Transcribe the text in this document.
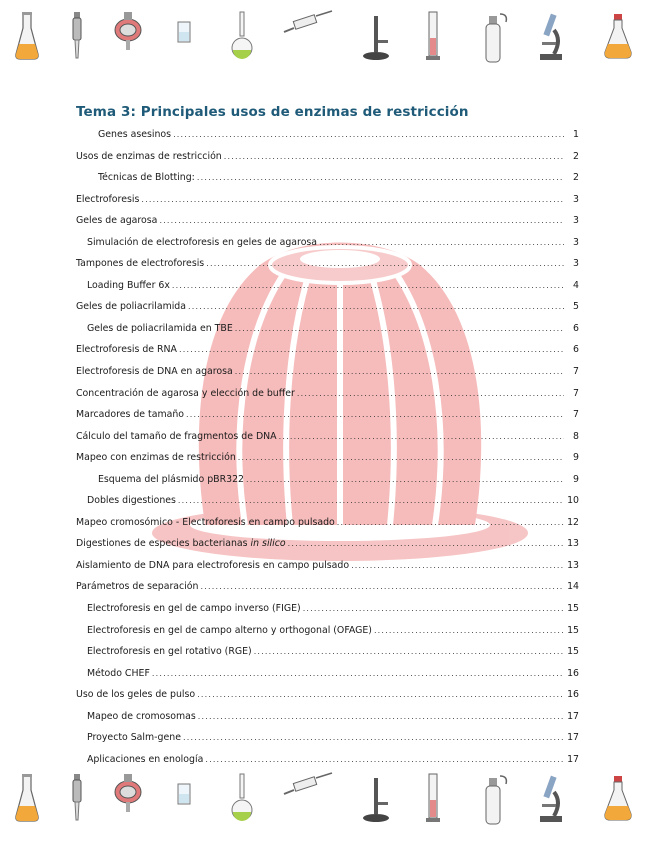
Tema 3: Principales usos de enzimas de restricción
Genes asesinos .....	1
Usos de enzimas de restricción .....	2
Técnicas de Blotting: .....	2
Electroforesis .....	3
Geles de agarosa .....	3
Simulación de electroforesis en geles de agarosa .....	3
Tampones de electroforesis .....	3
Loading Buffer 6x .....	4
Geles de poliacrilamida .....	5
Geles de poliacrilamida en TBE .....	6
Electroforesis de RNA .....	6
Electroforesis de DNA en agarosa .....	7
Concentración de agarosa y elección de buffer .....	7
Marcadores de tamaño .....	7
Cálculo del tamaño de fragmentos de DNA .....	8
Mapeo con enzimas de restricción .....	9
Esquema del plásmido pBR322 .....	9
Dobles digestiones .....	10
Mapeo cromosómico - Electroforesis en campo pulsado .....	12
Digestiones de especies bacterianas in silico .....	13
Aislamiento de DNA para electroforesis en campo pulsado .....	13
Parámetros de separación .....	14
Electroforesis en gel de campo inverso (FIGE) .....	15
Electroforesis en gel de campo alterno y orthogonal (OFAGE) .....	15
Electroforesis en gel rotativo (RGE) .....	15
Método CHEF .....	16
Uso de los geles de pulso .....	16
Mapeo de cromosomas .....	17
Proyecto Salm-gene .....	17
Aplicaciones en enología .....	17
